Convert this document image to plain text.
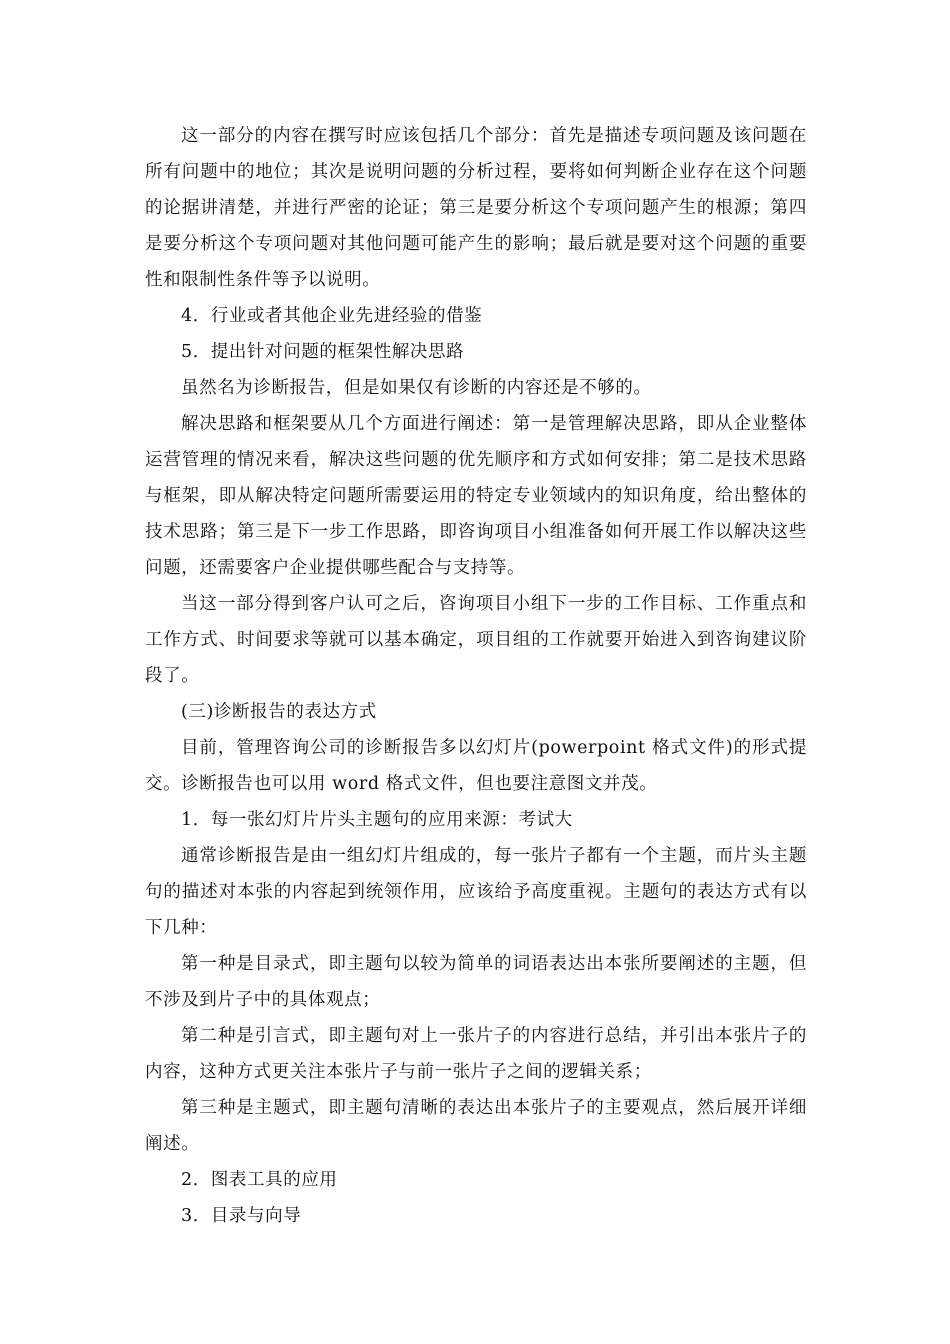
这一部分的内容在撰写时应该包括几个部分：首先是描述专项问题及该问题在所有问题中的地位；其次是说明问题的分析过程，要将如何判断企业存在这个问题的论据讲清楚，并进行严密的论证；第三是要分析这个专项问题产生的根源；第四是要分析这个专项问题对其他问题可能产生的影响；最后就是要对这个问题的重要性和限制性条件等予以说明。

4．行业或者其他企业先进经验的借鉴

5．提出针对问题的框架性解决思路

虽然名为诊断报告，但是如果仅有诊断的内容还是不够的。

解决思路和框架要从几个方面进行阐述：第一是管理解决思路，即从企业整体运营管理的情况来看，解决这些问题的优先顺序和方式如何安排；第二是技术思路与框架，即从解决特定问题所需要运用的特定专业领域内的知识角度，给出整体的技术思路；第三是下一步工作思路，即咨询项目小组准备如何开展工作以解决这些问题，还需要客户企业提供哪些配合与支持等。

当这一部分得到客户认可之后，咨询项目小组下一步的工作目标、工作重点和工作方式、时间要求等就可以基本确定，项目组的工作就要开始进入到咨询建议阶段了。

(三)诊断报告的表达方式

目前，管理咨询公司的诊断报告多以幻灯片(powerpoint 格式文件)的形式提交。诊断报告也可以用 word 格式文件，但也要注意图文并茂。

1．每一张幻灯片片头主题句的应用来源：考试大

通常诊断报告是由一组幻灯片组成的，每一张片子都有一个主题，而片头主题句的描述对本张的内容起到统领作用，应该给予高度重视。主题句的表达方式有以下几种：

第一种是目录式，即主题句以较为简单的词语表达出本张所要阐述的主题，但不涉及到片子中的具体观点；

第二种是引言式，即主题句对上一张片子的内容进行总结，并引出本张片子的内容，这种方式更关注本张片子与前一张片子之间的逻辑关系；

第三种是主题式，即主题句清晰的表达出本张片子的主要观点，然后展开详细阐述。

2．图表工具的应用

3．目录与向导
